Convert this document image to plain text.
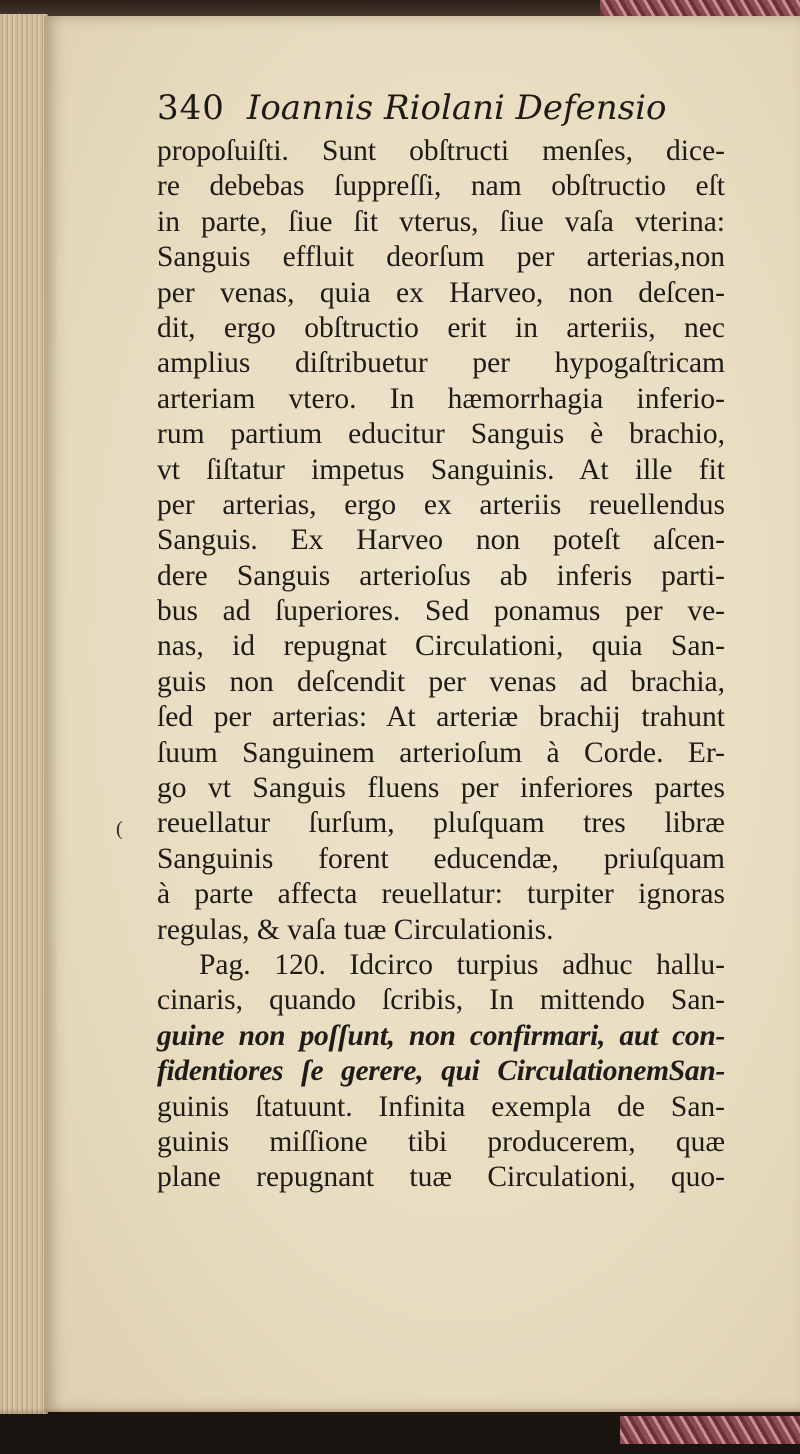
340 Ioannis Riolani Defensio
(
propoſuiſti. Sunt obſtructi menſes, dice-
re debebas ſuppreſſi, nam obſtructio eſt
in parte, ſiue ſit vterus, ſiue vaſa vterina:
Sanguis effluit deorſum per arterias,non
per venas, quia ex Harveo, non deſcen-
dit, ergo obſtructio erit in arteriis, nec
amplius diſtribuetur per hypogaſtricam
arteriam vtero. In hæmorrhagia inferio-
rum partium educitur Sanguis è brachio,
vt ſiſtatur impetus Sanguinis. At ille fit
per arterias, ergo ex arteriis reuellendus
Sanguis. Ex Harveo non poteſt aſcen-
dere Sanguis arterioſus ab inferis parti-
bus ad ſuperiores. Sed ponamus per ve-
nas, id repugnat Circulationi, quia San-
guis non deſcendit per venas ad brachia,
ſed per arterias: At arteriæ brachij trahunt
ſuum Sanguinem arterioſum à Corde. Er-
go vt Sanguis fluens per inferiores partes
reuellatur ſurſum, pluſquam tres libræ
Sanguinis forent educendæ, priuſquam
à parte affecta reuellatur: turpiter ignoras
regulas, & vaſa tuæ Circulationis.
Pag. 120. Idcirco turpius adhuc hallu-
cinaris, quando ſcribis, In mittendo San-
guine non poſſunt, non confirmari, aut con-
fidentiores ſe gerere, qui CirculationemSan-
guinis ſtatuunt. Infinita exempla de San-
guinis miſſione tibi producerem, quæ
plane repugnant tuæ Circulationi, quo-
